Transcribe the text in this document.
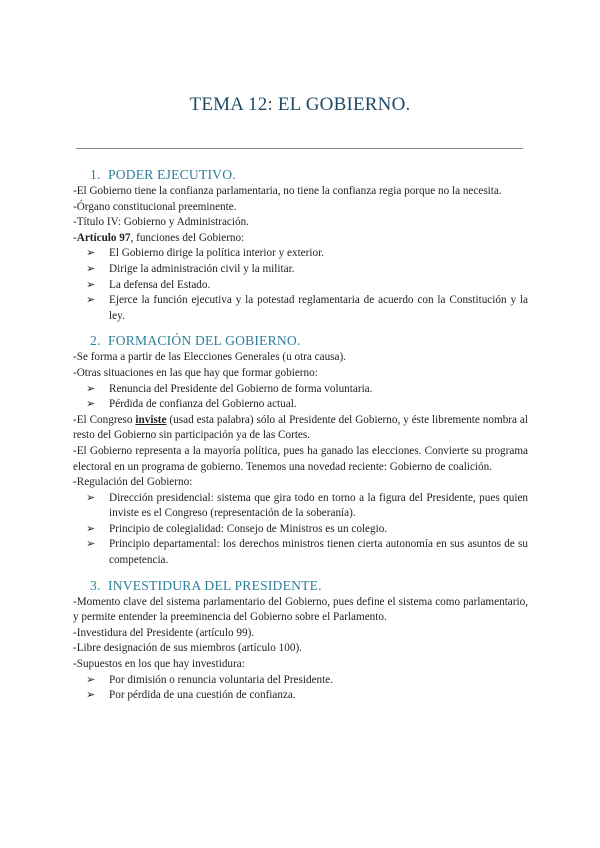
TEMA 12: EL GOBIERNO.
1. PODER EJECUTIVO.

-El Gobierno tiene la confianza parlamentaria, no tiene la confianza regia porque no la necesita.

-Órgano constitucional preeminente.

-Título IV: Gobierno y Administración.

-Artículo 97, funciones del Gobierno:

➢ El Gobierno dirige la política interior y exterior.

➢ Dirige la administración civil y la militar.

➢ La defensa del Estado.

➢ Ejerce la función ejecutiva y la potestad reglamentaria de acuerdo con la Constitución y la ley.

2. FORMACIÓN DEL GOBIERNO.

-Se forma a partir de las Elecciones Generales (u otra causa).

-Otras situaciones en las que hay que formar gobierno:

➢ Renuncia del Presidente del Gobierno de forma voluntaria.

➢ Pérdida de confianza del Gobierno actual.

-El Congreso inviste (usad esta palabra) sólo al Presidente del Gobierno, y éste libremente nombra al resto del Gobierno sin participación ya de las Cortes.

-El Gobierno representa a la mayoría política, pues ha ganado las elecciones. Convierte su programa electoral en un programa de gobierno. Tenemos una novedad reciente: Gobierno de coalición.

-Regulación del Gobierno:

➢ Dirección presidencial: sistema que gira todo en torno a la figura del Presidente, pues quien inviste es el Congreso (representación de la soberanía).

➢ Principio de colegialidad: Consejo de Ministros es un colegio.

➢ Principio departamental: los derechos ministros tienen cierta autonomía en sus asuntos de su competencia.

3. INVESTIDURA DEL PRESIDENTE.

-Momento clave del sistema parlamentario del Gobierno, pues define el sistema como parlamentario, y permite entender la preeminencia del Gobierno sobre el Parlamento.

-Investidura del Presidente (artículo 99).

-Libre designación de sus miembros (artículo 100).

-Supuestos en los que hay investidura:

➢ Por dimisión o renuncia voluntaria del Presidente.

➢ Por pérdida de una cuestión de confianza.
